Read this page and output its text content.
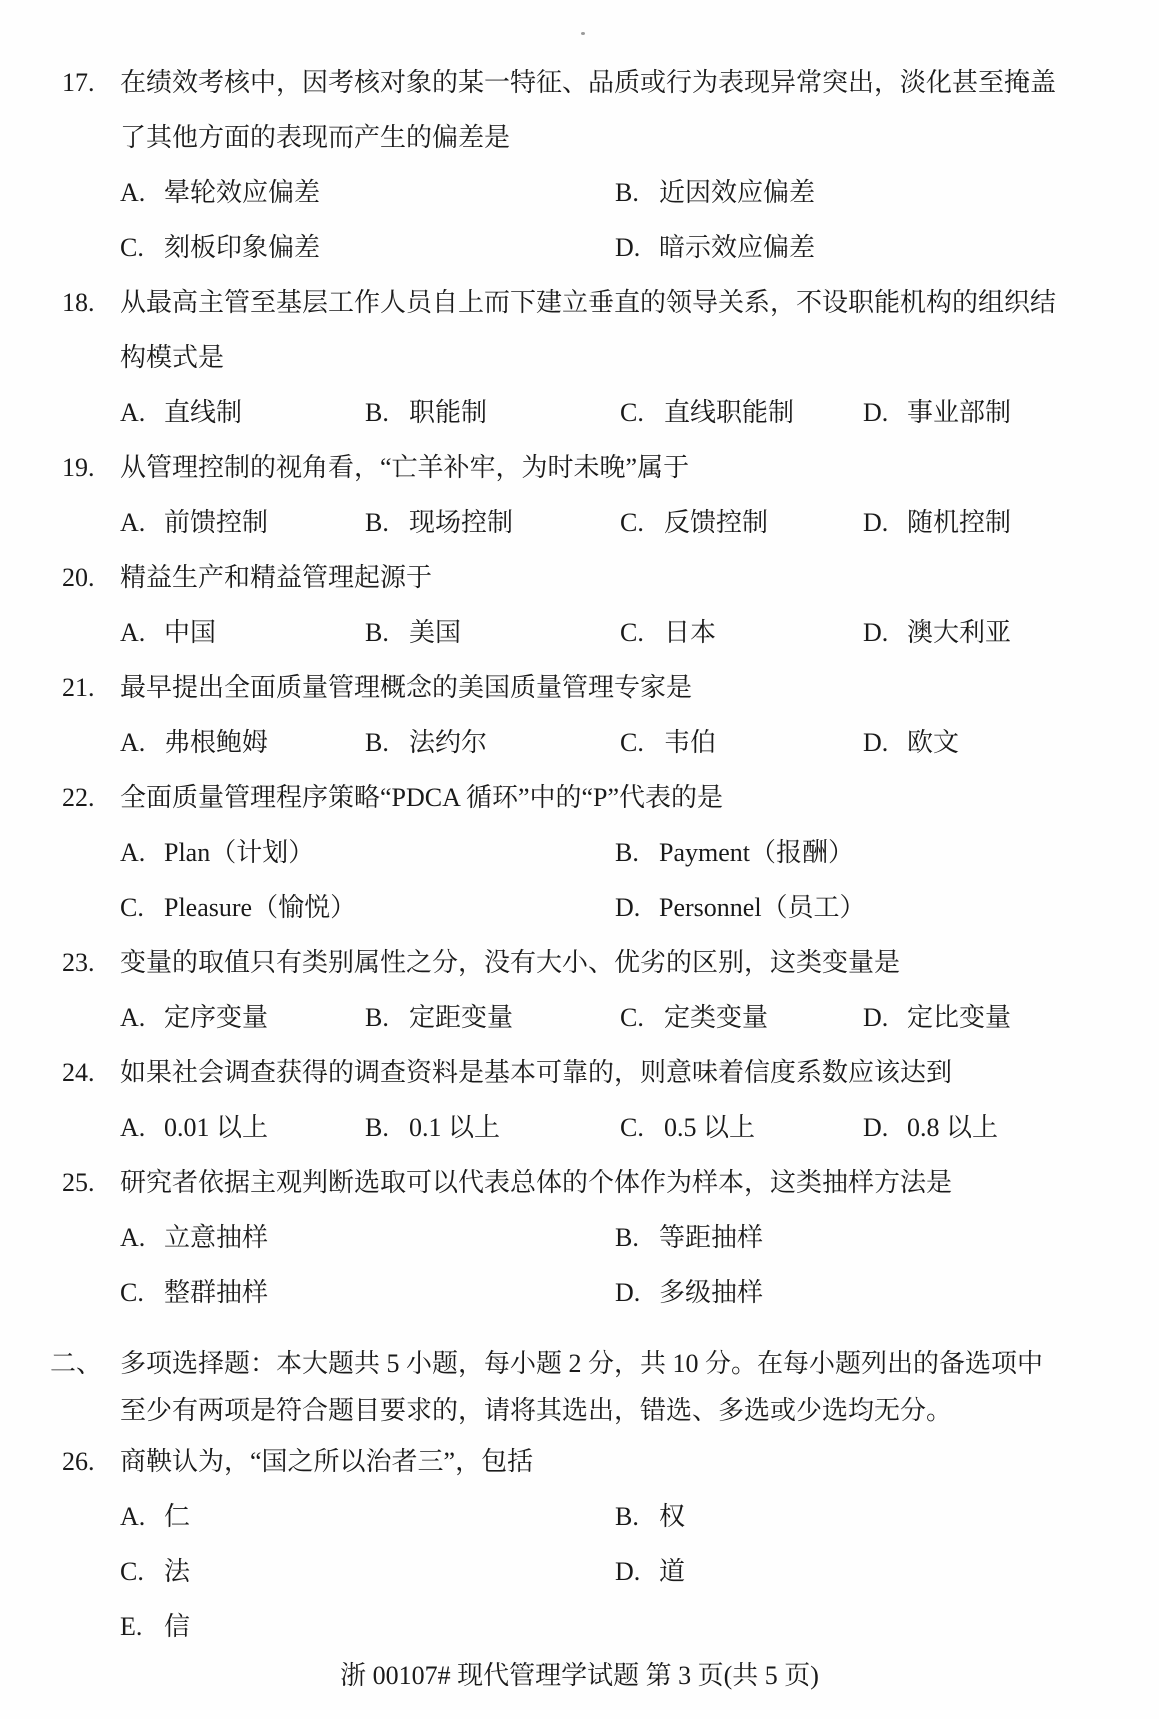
17. 在绩效考核中，因考核对象的某一特征、品质或行为表现异常突出，淡化甚至掩盖
了其他方面的表现而产生的偏差是
A. 晕轮效应偏差	B. 近因效应偏差
C. 刻板印象偏差	D. 暗示效应偏差
18. 从最高主管至基层工作人员自上而下建立垂直的领导关系，不设职能机构的组织结
构模式是
A. 直线制	B. 职能制	C. 直线职能制	D. 事业部制
19. 从管理控制的视角看，“亡羊补牢，为时未晚”属于
A. 前馈控制	B. 现场控制	C. 反馈控制	D. 随机控制
20. 精益生产和精益管理起源于
A. 中国	B. 美国	C. 日本	D. 澳大利亚
21. 最早提出全面质量管理概念的美国质量管理专家是
A. 弗根鲍姆	B. 法约尔	C. 韦伯	D. 欧文
22. 全面质量管理程序策略“PDCA 循环”中的“P”代表的是
A. Plan（计划）	B. Payment（报酬）
C. Pleasure（愉悦）	D. Personnel（员工）
23. 变量的取值只有类别属性之分，没有大小、优劣的区别，这类变量是
A. 定序变量	B. 定距变量	C. 定类变量	D. 定比变量
24. 如果社会调查获得的调查资料是基本可靠的，则意味着信度系数应该达到
A. 0.01 以上	B. 0.1 以上	C. 0.5 以上	D. 0.8 以上
25. 研究者依据主观判断选取可以代表总体的个体作为样本，这类抽样方法是
A. 立意抽样	B. 等距抽样
C. 整群抽样	D. 多级抽样
二、 多项选择题：本大题共 5 小题，每小题 2 分，共 10 分。在每小题列出的备选项中
至少有两项是符合题目要求的，请将其选出，错选、多选或少选均无分。
26. 商鞅认为，“国之所以治者三”，包括
A. 仁	B. 权
C. 法	D. 道
E. 信
浙 00107# 现代管理学试题 第 3 页(共 5 页)
